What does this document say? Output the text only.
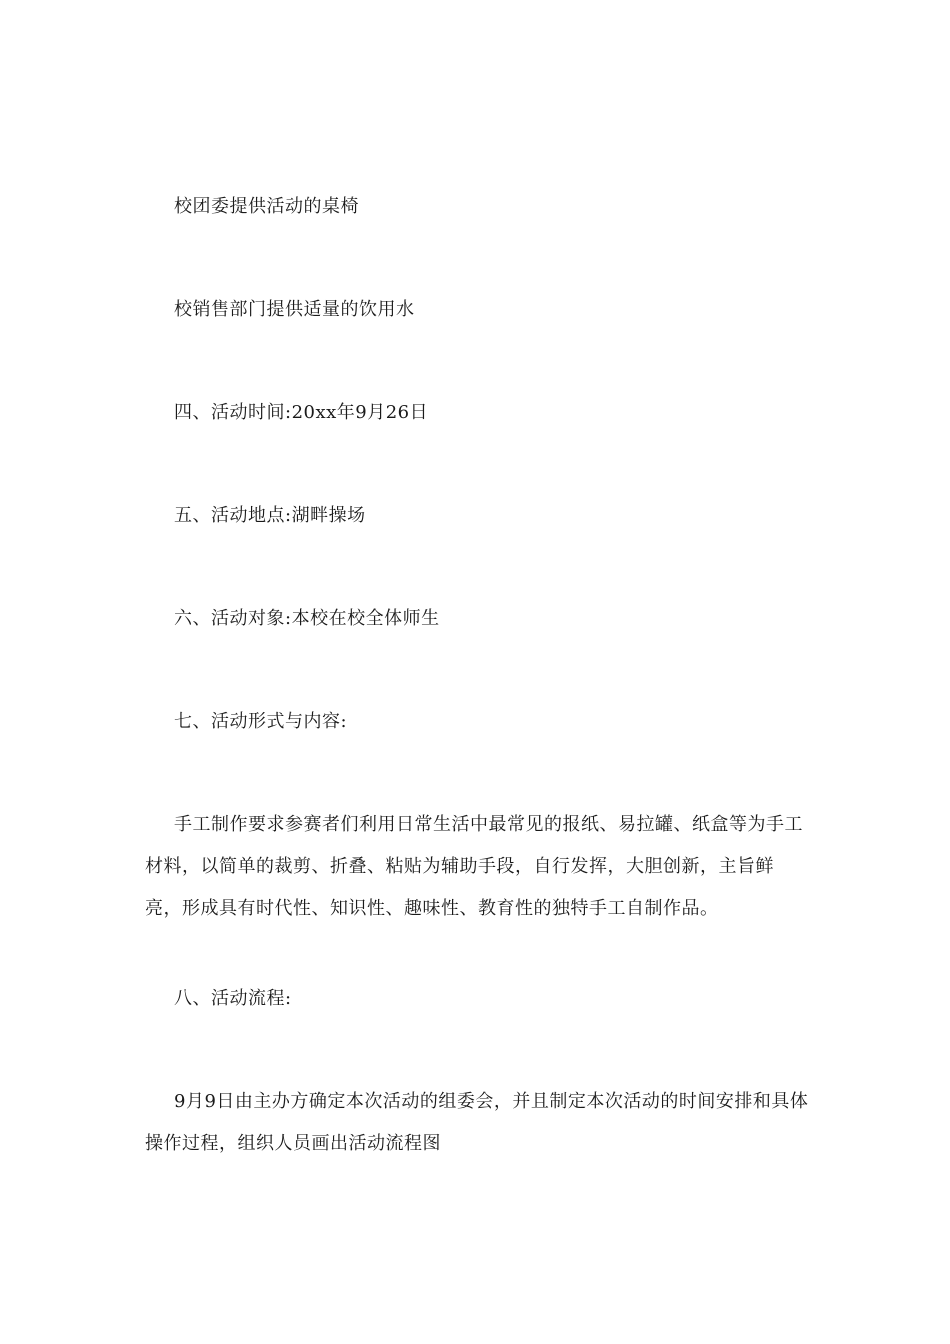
校团委提供活动的桌椅

校销售部门提供适量的饮用水

四、活动时间:20xx年9月26日

五、活动地点:湖畔操场

六、活动对象:本校在校全体师生

七、活动形式与内容:

手工制作要求参赛者们利用日常生活中最常见的报纸、易拉罐、纸盒等为手工材料，以简单的裁剪、折叠、粘贴为辅助手段，自行发挥，大胆创新，主旨鲜亮，形成具有时代性、知识性、趣味性、教育性的独特手工自制作品。

八、活动流程:

9月9日由主办方确定本次活动的组委会，并且制定本次活动的时间安排和具体操作过程，组织人员画出活动流程图
